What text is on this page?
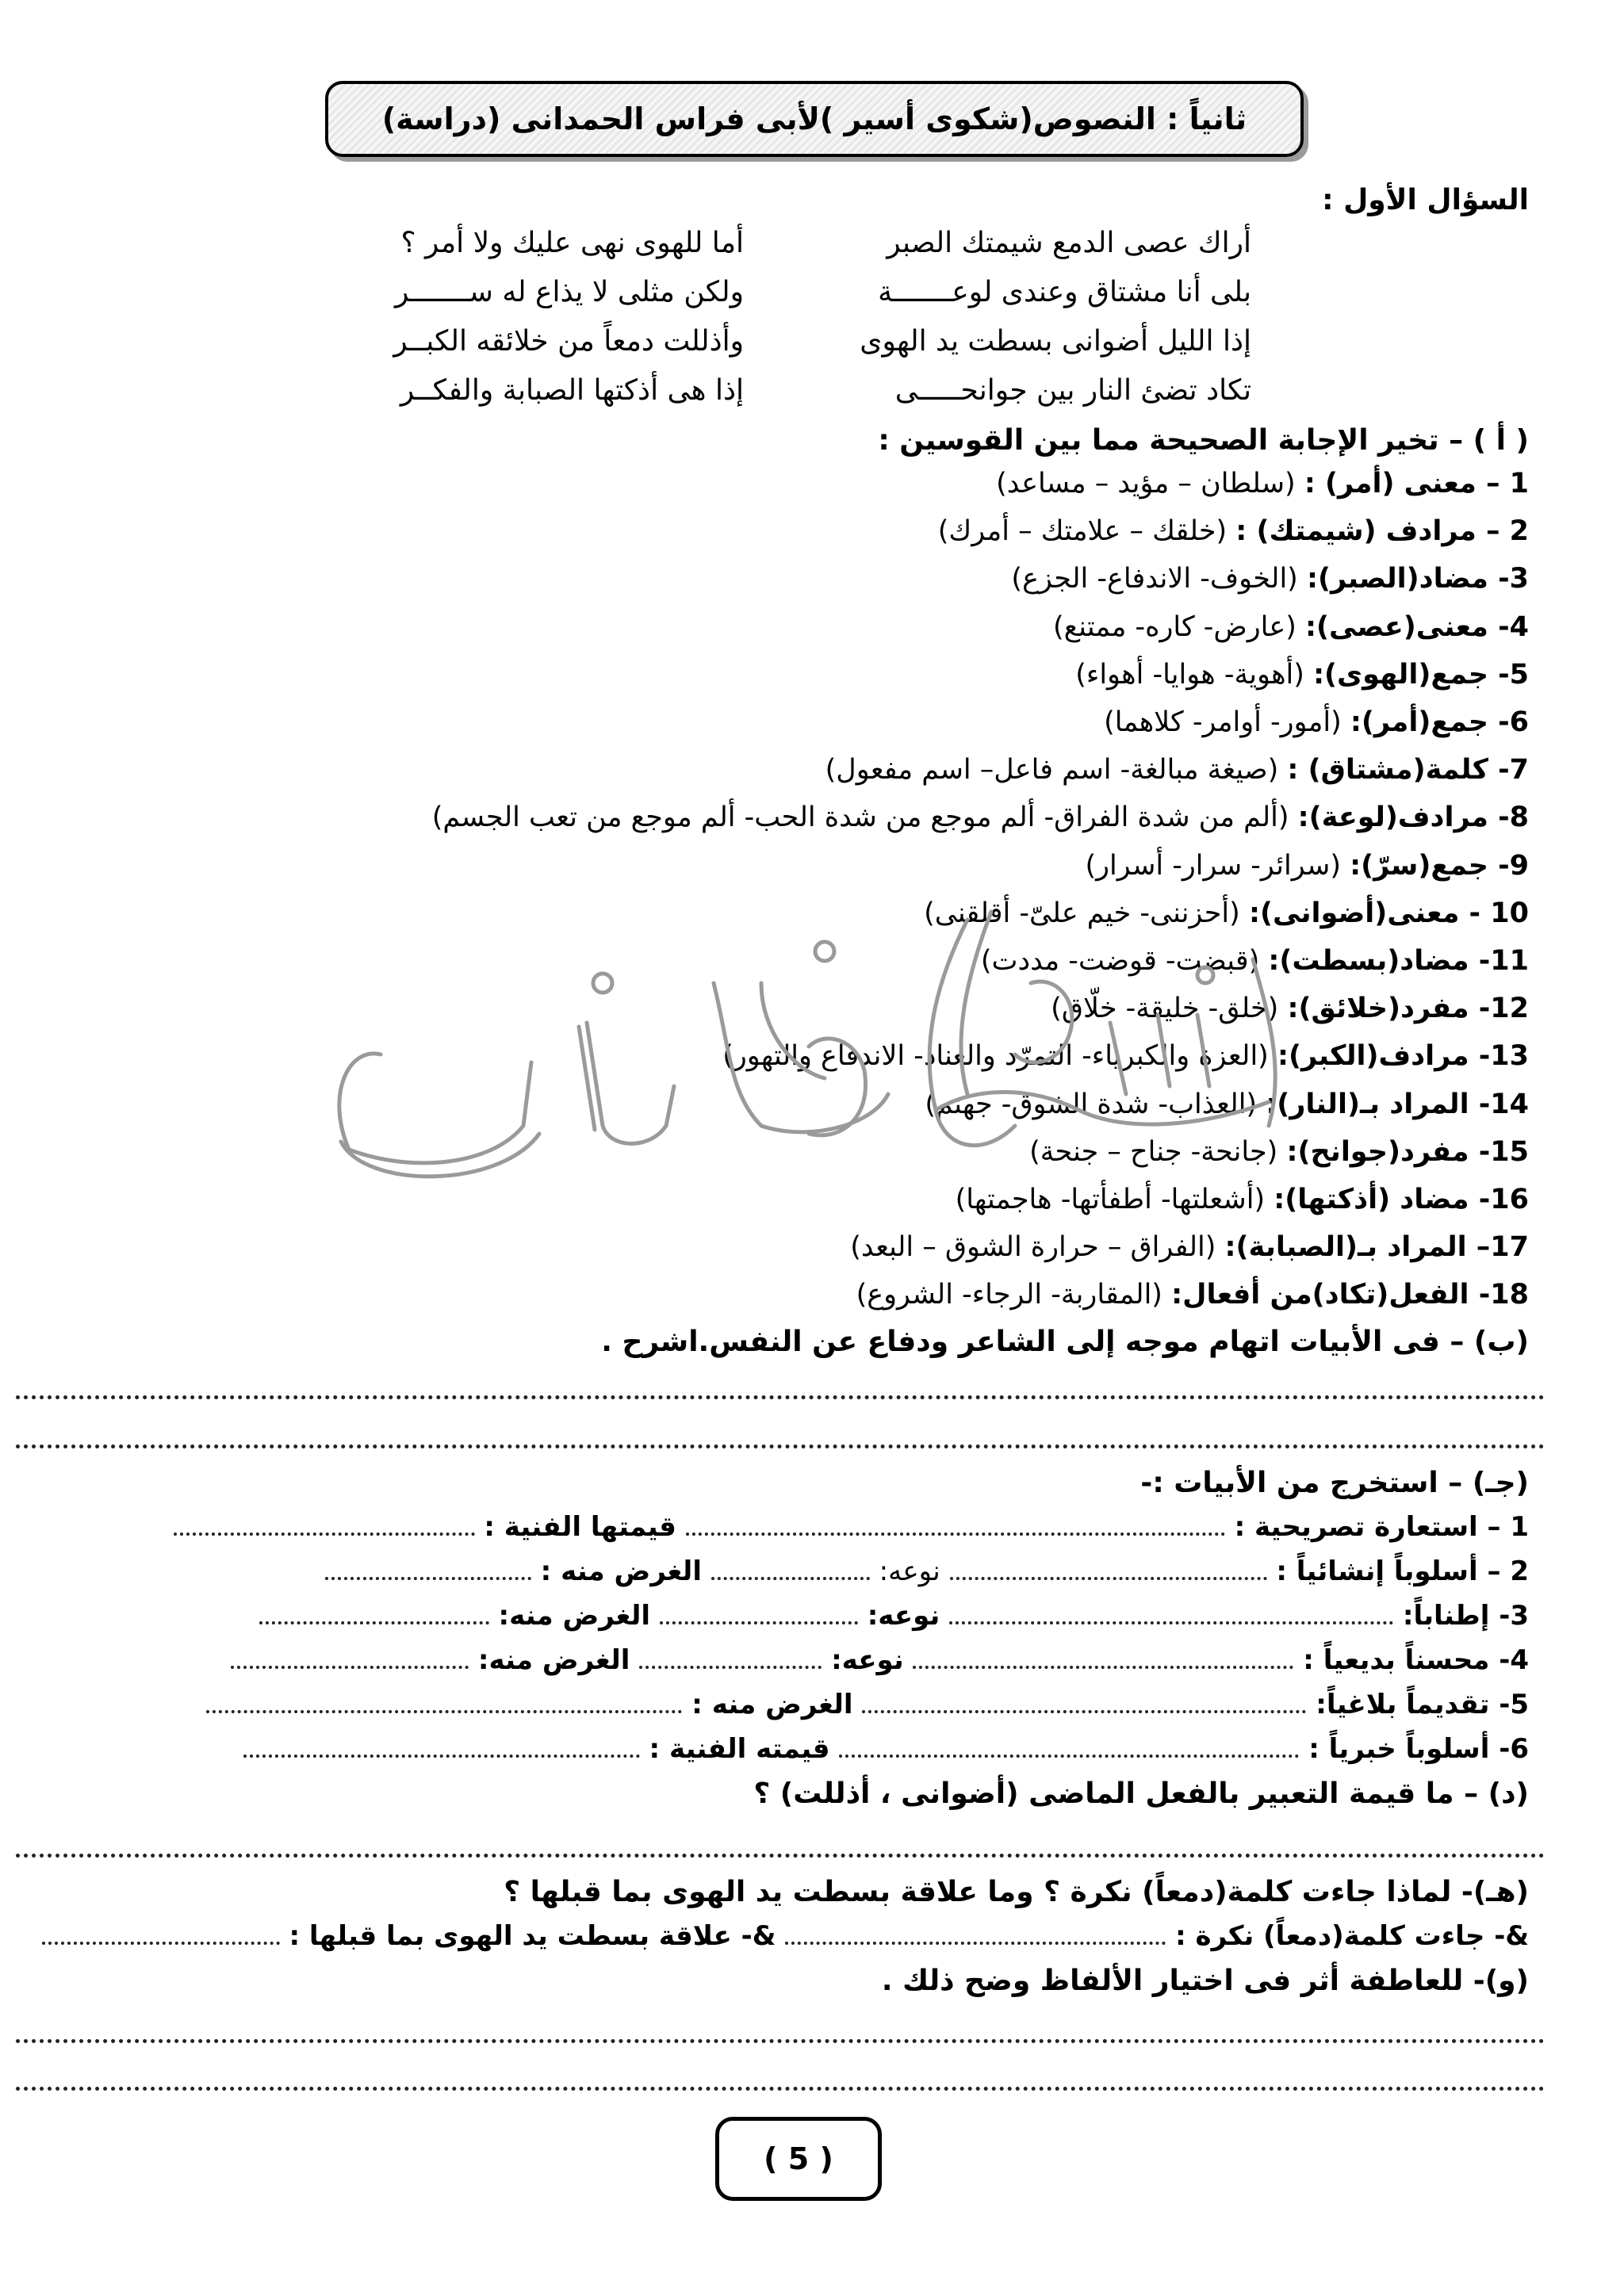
ثانياً : النصوص(شكوى أسير )لأبى فراس الحمدانى (دراسة)
السؤال الأول :
أراك عصى الدمع شيمتك الصبر
أما للهوى نهى عليك ولا أمر ؟
بلى أنا مشتاق وعندى لوعـــــــة
ولكن مثلى لا يذاع له ســـــــر
إذا الليل أضوانى بسطت يد الهوى
وأذللت دمعاً من خلائقه الكبــر
تكاد تضئ النار بين جوانحـــــى
إذا هى أذكتها الصبابة والفكــر
( أ ) – تخير الإجابة الصحيحة مما بين القوسين :
1 – معنى (أمر) : (سلطان – مؤيد – مساعد)
2 – مرادف (شيمتك) : (خلقك – علامتك – أمرك)
3- مضاد(الصبر): (الخوف- الاندفاع- الجزع)
4- معنى(عصى): (عارض- كاره- ممتنع)
5- جمع(الهوى): (أهوية- هوايا- أهواء)
6- جمع(أمر): (أمور- أوامر- كلاهما)
7- كلمة(مشتاق) : (صيغة مبالغة- اسم فاعل– اسم مفعول)
8- مرادف(لوعة): (ألم من شدة الفراق- ألم موجع من شدة الحب- ألم موجع من تعب الجسم)
9- جمع(سرّ): (سرائر- سرار- أسرار)
10 - معنى(أضوانى): (أحزننى- خيم علىّ- أقلقنى)
11- مضاد(بسطت): (قبضت- قوضت- مددت)
12- مفرد(خلائق): (خلق- خليقة- خلّاق)
13- مرادف(الكبر): (العزة والكبرياء- التمرّد والعناد- الاندفاع والتهور)
14- المراد بـ(النار): (العذاب- شدة الشوق- جهنم)
15- مفرد(جوانح): (جانحة- جناح – جنحة)
16- مضاد (أذكتها): (أشعلتها- أطفأتها- هاجمتها)
17– المراد بـ(الصبابة): (الفراق – حرارة الشوق – البعد)
18- الفعل(تكاد)من أفعال: (المقاربة- الرجاء- الشروع)
(ب) – فى الأبيات اتهام موجه إلى الشاعر ودفاع عن النفس.اشرح .
(جـ) – استخرج من الأبيات :-
1 – استعارة تصريحية :  قيمتها الفنية :
2 – أسلوباً إنشائياً :  نوعه:  الغرض منه :
3- إطناباً:  نوعه:  الغرض منه:
4- محسناً بديعياً :  نوعه:  الغرض منه:
5- تقديماً بلاغياً:  الغرض منه :
6- أسلوباً خبرياً :  قيمته الفنية :
(د) – ما قيمة التعبير بالفعل الماضى (أضوانى ، أذللت) ؟
(هـ)- لماذا جاءت كلمة(دمعاً) نكرة ؟ وما علاقة بسطت يد الهوى بما قبلها ؟
&- جاءت كلمة(دمعاً) نكرة :  &- علاقة بسطت يد الهوى بما قبلها :
(و)- للعاطفة أثر فى اختيار الألفاظ وضح ذلك .
( 5 )
